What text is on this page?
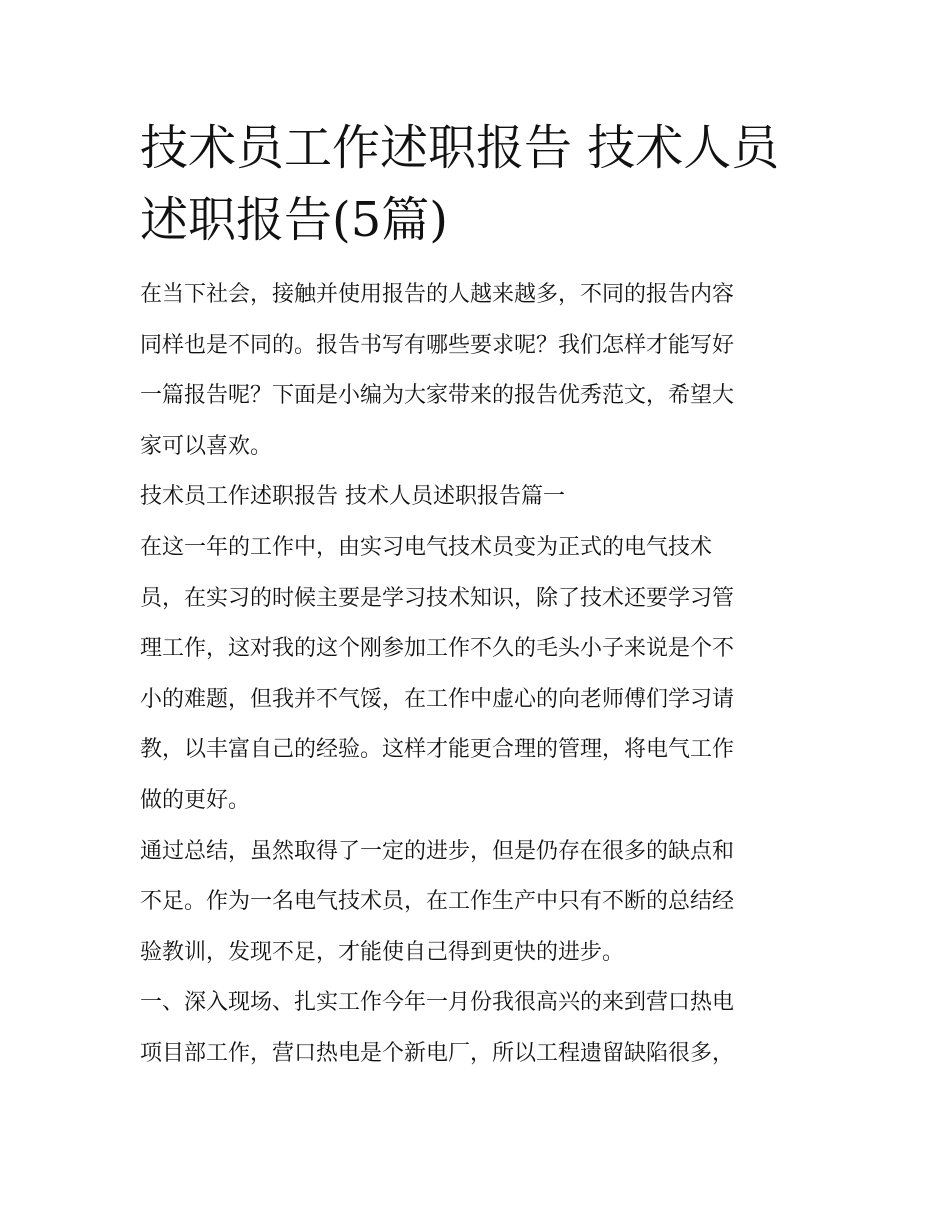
技术员工作述职报告 技术人员
述职报告(5篇)

在当下社会，接触并使用报告的人越来越多，不同的报告内容
同样也是不同的。报告书写有哪些要求呢？我们怎样才能写好
一篇报告呢？下面是小编为大家带来的报告优秀范文，希望大
家可以喜欢。

技术员工作述职报告 技术人员述职报告篇一

在这一年的工作中，由实习电气技术员变为正式的电气技术
员，在实习的时候主要是学习技术知识，除了技术还要学习管
理工作，这对我的这个刚参加工作不久的毛头小子来说是个不
小的难题，但我并不气馁，在工作中虚心的向老师傅们学习请
教，以丰富自己的经验。这样才能更合理的管理，将电气工作
做的更好。

通过总结，虽然取得了一定的进步，但是仍存在很多的缺点和
不足。作为一名电气技术员，在工作生产中只有不断的总结经
验教训，发现不足，才能使自己得到更快的进步。

一、深入现场、扎实工作今年一月份我很高兴的来到营口热电
项目部工作，营口热电是个新电厂，所以工程遗留缺陷很多，
